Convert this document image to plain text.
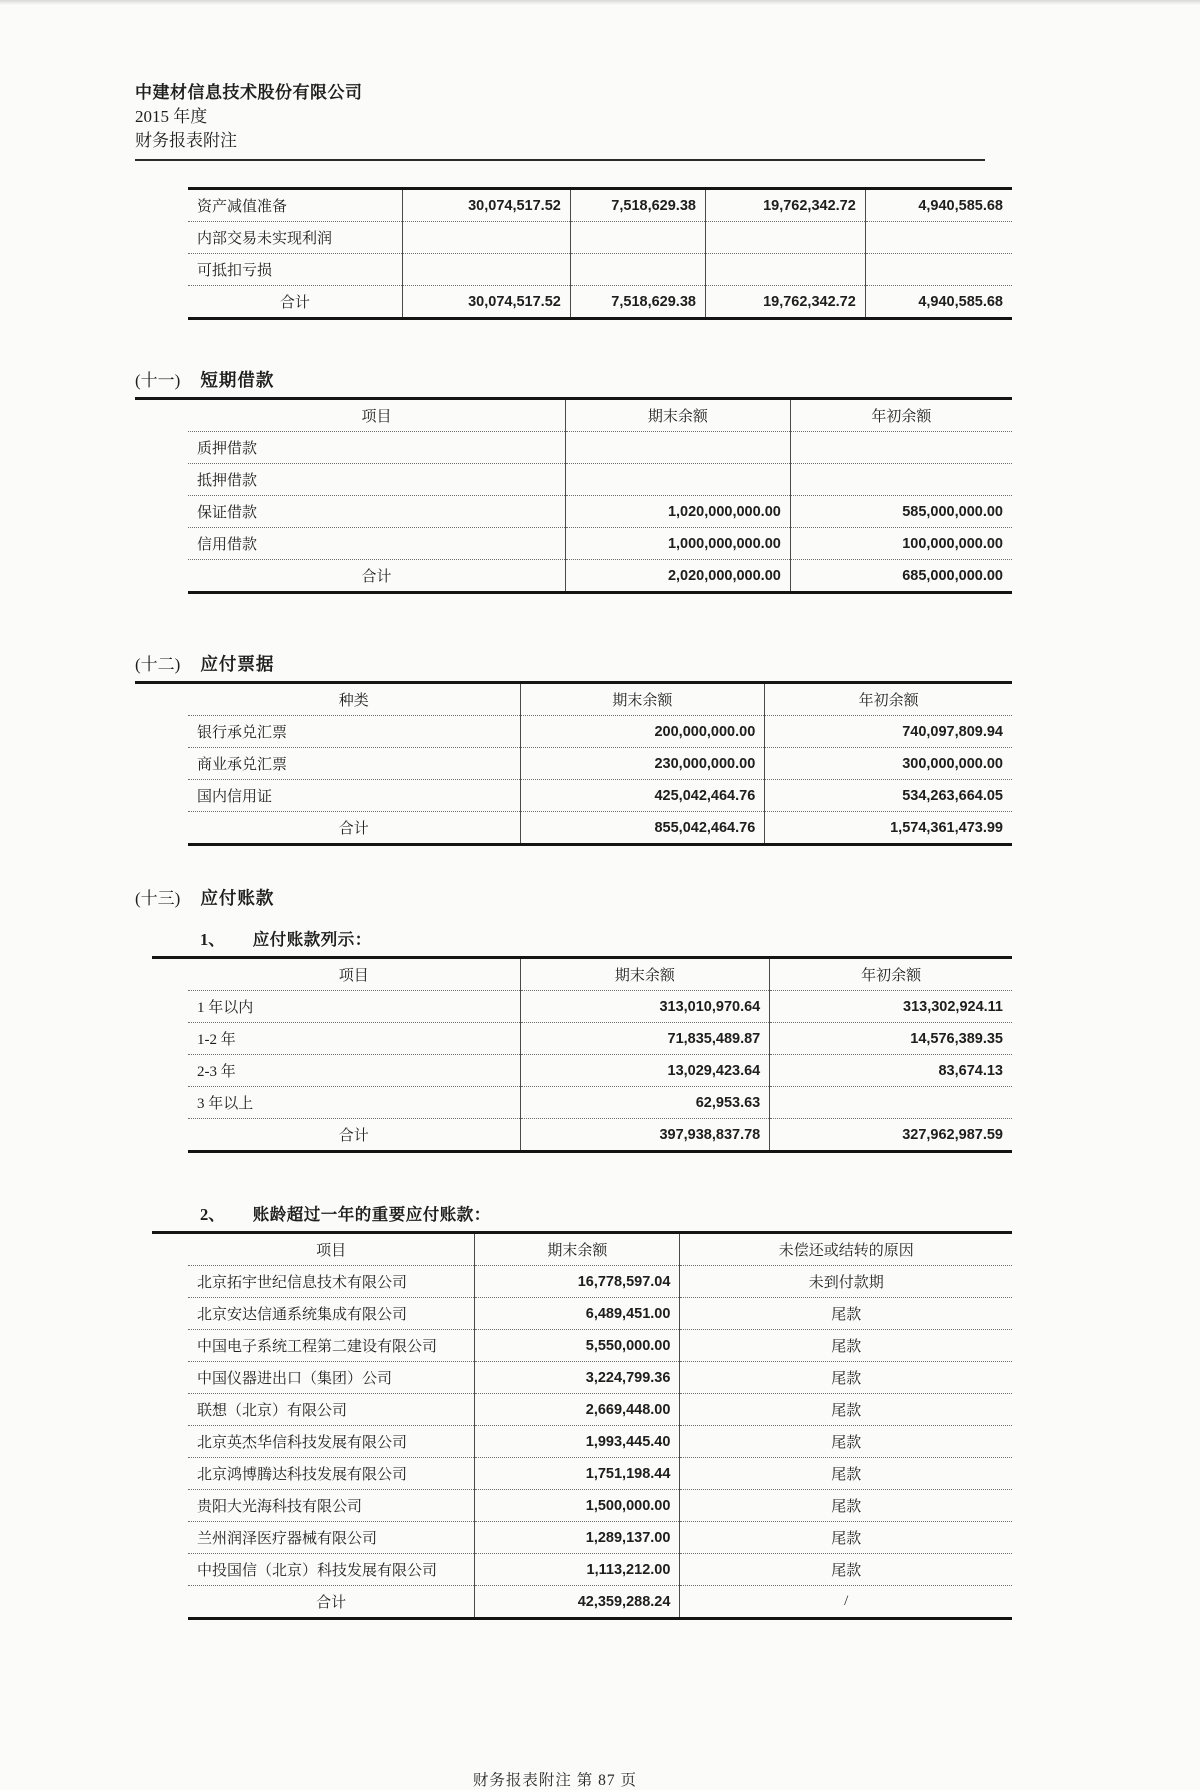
中建材信息技术股份有限公司
2015 年度
财务报表附注
资产减值准备	30,074,517.52	7,518,629.38	19,762,342.72	4,940,585.68
内部交易未实现利润				
可抵扣亏损				
合计	30,074,517.52	7,518,629.38	19,762,342.72	4,940,585.68
(十一) 短期借款
项目	期末余额	年初余额
质押借款		
抵押借款		
保证借款	1,020,000,000.00	585,000,000.00
信用借款	1,000,000,000.00	100,000,000.00
合计	2,020,000,000.00	685,000,000.00
(十二) 应付票据
种类	期末余额	年初余额
银行承兑汇票	200,000,000.00	740,097,809.94
商业承兑汇票	230,000,000.00	300,000,000.00
国内信用证	425,042,464.76	534,263,664.05
合计	855,042,464.76	1,574,361,473.99
(十三) 应付账款
1、 应付账款列示：
项目	期末余额	年初余额
1 年以内	313,010,970.64	313,302,924.11
1-2 年	71,835,489.87	14,576,389.35
2-3 年	13,029,423.64	83,674.13
3 年以上	62,953.63	
合计	397,938,837.78	327,962,987.59
2、 账龄超过一年的重要应付账款：
项目	期末余额	未偿还或结转的原因
北京拓宇世纪信息技术有限公司	16,778,597.04	未到付款期
北京安达信通系统集成有限公司	6,489,451.00	尾款
中国电子系统工程第二建设有限公司	5,550,000.00	尾款
中国仪器进出口（集团）公司	3,224,799.36	尾款
联想（北京）有限公司	2,669,448.00	尾款
北京英杰华信科技发展有限公司	1,993,445.40	尾款
北京鸿博腾达科技发展有限公司	1,751,198.44	尾款
贵阳大光海科技有限公司	1,500,000.00	尾款
兰州润泽医疗器械有限公司	1,289,137.00	尾款
中投国信（北京）科技发展有限公司	1,113,212.00	尾款
合计	42,359,288.24	/
财务报表附注 第 87 页
